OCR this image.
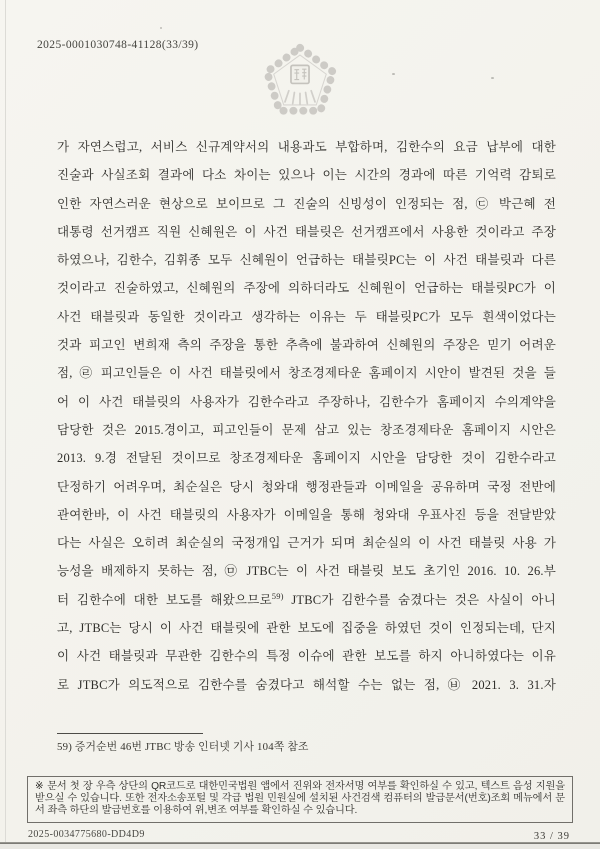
2025-0001030748-41128(33/39)
가 자연스럽고, 서비스 신규계약서의 내용과도 부합하며, 김한수의 요금 납부에 대한
진술과 사실조회 결과에 다소 차이는 있으나 이는 시간의 경과에 따른 기억력 감퇴로
인한 자연스러운 현상으로 보이므로 그 진술의 신빙성이 인정되는 점, ㉢ 박근혜 전
대통령 선거캠프 직원 신혜원은 이 사건 태블릿은 선거캠프에서 사용한 것이라고 주장
하였으나, 김한수, 김휘종 모두 신혜원이 언급하는 태블릿PC는 이 사건 태블릿과 다른
것이라고 진술하였고, 신혜원의 주장에 의하더라도 신혜원이 언급하는 태블릿PC가 이
사건 태블릿과 동일한 것이라고 생각하는 이유는 두 태블릿PC가 모두 흰색이었다는
것과 피고인 변희재 측의 주장을 통한 추측에 불과하여 신혜원의 주장은 믿기 어려운
점, ㉣ 피고인들은 이 사건 태블릿에서 창조경제타운 홈페이지 시안이 발견된 것을 들
어 이 사건 태블릿의 사용자가 김한수라고 주장하나, 김한수가 홈페이지 수의계약을
담당한 것은 2015.경이고, 피고인들이 문제 삼고 있는 창조경제타운 홈페이지 시안은
2013. 9.경 전달된 것이므로 창조경제타운 홈페이지 시안을 담당한 것이 김한수라고
단정하기 어려우며, 최순실은 당시 청와대 행정관들과 이메일을 공유하며 국정 전반에
관여한바, 이 사건 태블릿의 사용자가 이메일을 통해 청와대 우표사진 등을 전달받았
다는 사실은 오히려 최순실의 국정개입 근거가 되며 최순실의 이 사건 태블릿 사용 가
능성을 배제하지 못하는 점, ㉤ JTBC는 이 사건 태블릿 보도 초기인 2016. 10. 26.부
터 김한수에 대한 보도를 해왔으므로$^{59)}$ JTBC가 김한수를 숨겼다는 것은 사실이 아니
고, JTBC는 당시 이 사건 태블릿에 관한 보도에 집중을 하였던 것이 인정되는데, 단지
이 사건 태블릿과 무관한 김한수의 특정 이슈에 관한 보도를 하지 아니하였다는 이유
로 JTBC가 의도적으로 김한수를 숨겼다고 해석할 수는 없는 점, ㉥ 2021. 3. 31.자
59) 증거순번 46번 JTBC 방송 인터넷 기사 104쪽 참조
※ 문서 첫 장 우측 상단의 QR코드로 대한민국법원 앱에서 진위와 전자서명 여부를 확인하실 수 있고, 텍스트 음성 지원을 받으실 수 있습니다. 또한 전자소송포털 및 각급 법원 민원실에 설치된 사건검색 컴퓨터의 발급문서(번호)조회 메뉴에서 문서 좌측 하단의 발급번호를 이용하여 위,변조 여부를 확인하실 수 있습니다.
2025-0034775680-DD4D9	33 / 39
